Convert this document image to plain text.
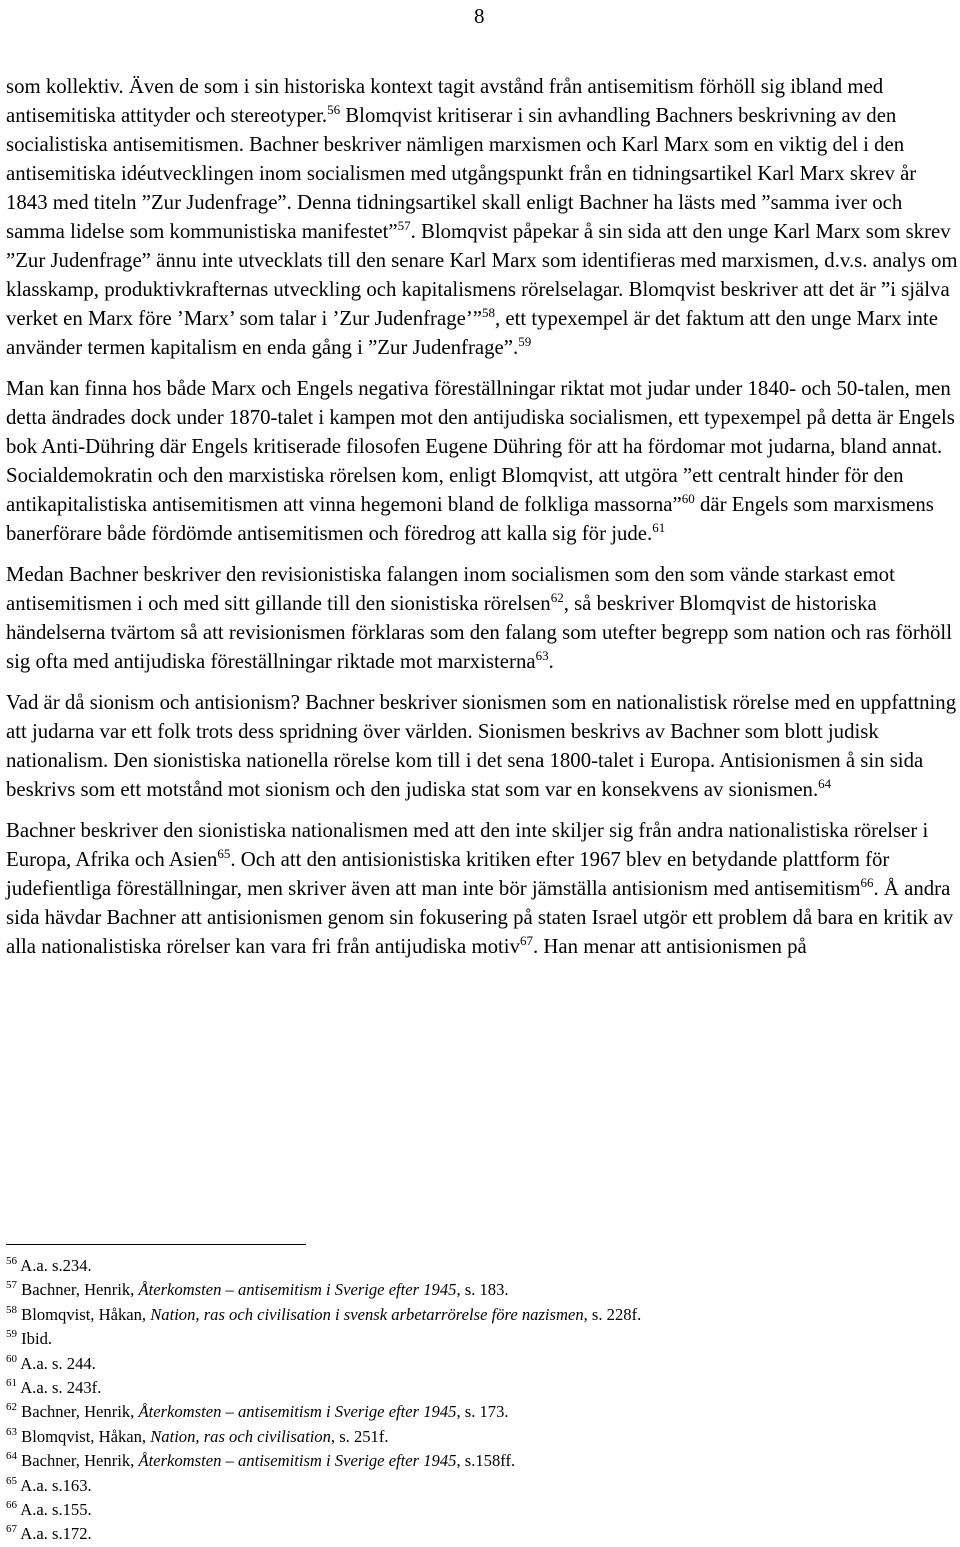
8

som kollektiv. Även de som i sin historiska kontext tagit avstånd från antisemitism förhöll sig ibland med antisemitiska attityder och stereotyper.$^{56}$ Blomqvist kritiserar i sin avhandling Bachners beskrivning av den socialistiska antisemitismen. Bachner beskriver nämligen marxismen och Karl Marx som en viktig del i den antisemitiska idéutvecklingen inom socialismen med utgångspunkt från en tidningsartikel Karl Marx skrev år 1843 med titeln ”Zur Judenfrage”. Denna tidningsartikel skall enligt Bachner ha lästs med ”samma iver och samma lidelse som kommunistiska manifestet”$^{57}$. Blomqvist påpekar å sin sida att den unge Karl Marx som skrev ”Zur Judenfrage” ännu inte utvecklats till den senare Karl Marx som identifieras med marxismen, d.v.s. analys om klasskamp, produktivkrafternas utveckling och kapitalismens rörelselagar. Blomqvist beskriver att det är ”i själva verket en Marx före ’Marx’ som talar i ’Zur Judenfrage’”$^{58}$, ett typexempel är det faktum att den unge Marx inte använder termen kapitalism en enda gång i ”Zur Judenfrage”.$^{59}$

Man kan finna hos både Marx och Engels negativa föreställningar riktat mot judar under 1840- och 50-talen, men detta ändrades dock under 1870-talet i kampen mot den antijudiska socialismen, ett typexempel på detta är Engels bok Anti-Dühring där Engels kritiserade filosofen Eugene Dühring för att ha fördomar mot judarna, bland annat. Socialdemokratin och den marxistiska rörelsen kom, enligt Blomqvist, att utgöra ”ett centralt hinder för den antikapitalistiska antisemitismen att vinna hegemoni bland de folkliga massorna”$^{60}$ där Engels som marxismens banerförare både fördömde antisemitismen och föredrog att kalla sig för jude.$^{61}$

Medan Bachner beskriver den revisionistiska falangen inom socialismen som den som vände starkast emot antisemitismen i och med sitt gillande till den sionistiska rörelsen$^{62}$, så beskriver Blomqvist de historiska händelserna tvärtom så att revisionismen förklaras som den falang som utefter begrepp som nation och ras förhöll sig ofta med antijudiska föreställningar riktade mot marxisterna$^{63}$.

Vad är då sionism och antisionism? Bachner beskriver sionismen som en nationalistisk rörelse med en uppfattning att judarna var ett folk trots dess spridning över världen. Sionismen beskrivs av Bachner som blott judisk nationalism. Den sionistiska nationella rörelse kom till i det sena 1800-talet i Europa. Antisionismen å sin sida beskrivs som ett motstånd mot sionism och den judiska stat som var en konsekvens av sionismen.$^{64}$

Bachner beskriver den sionistiska nationalismen med att den inte skiljer sig från andra nationalistiska rörelser i Europa, Afrika och Asien$^{65}$. Och att den antisionistiska kritiken efter 1967 blev en betydande plattform för judefientliga föreställningar, men skriver även att man inte bör jämställa antisionism med antisemitism$^{66}$. Å andra sida hävdar Bachner att antisionismen genom sin fokusering på staten Israel utgör ett problem då bara en kritik av alla nationalistiska rörelser kan vara fri från antijudiska motiv$^{67}$. Han menar att antisionismen på

$^{56}$ A.a. s.234.

$^{57}$ Bachner, Henrik, Återkomsten – antisemitism i Sverige efter 1945, s. 183.

$^{58}$ Blomqvist, Håkan, Nation, ras och civilisation i svensk arbetarrörelse före nazismen, s. 228f.

$^{59}$ Ibid.

$^{60}$ A.a. s. 244.

$^{61}$ A.a. s. 243f.

$^{62}$ Bachner, Henrik, Återkomsten – antisemitism i Sverige efter 1945, s. 173.

$^{63}$ Blomqvist, Håkan, Nation, ras och civilisation, s. 251f.

$^{64}$ Bachner, Henrik, Återkomsten – antisemitism i Sverige efter 1945, s.158ff.

$^{65}$ A.a. s.163.

$^{66}$ A.a. s.155.

$^{67}$ A.a. s.172.
